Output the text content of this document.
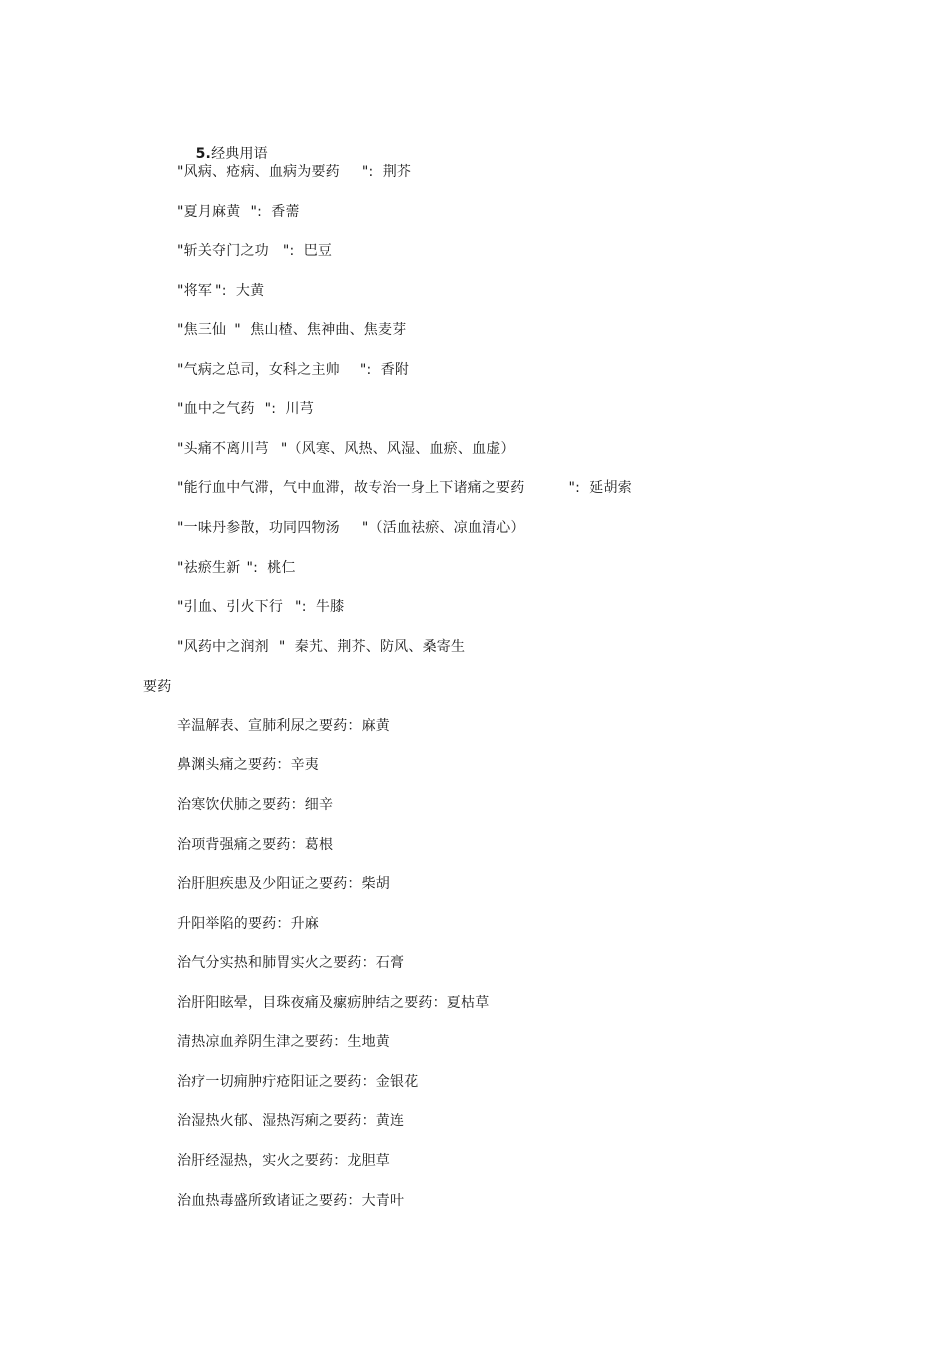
5.经典用语

"风病、疮病、血病为要药 ":  荆芥
"夏月麻黄 ":  香薷
"斩关夺门之功 ":  巴豆
"将军 ":  大黄
"焦三仙 "  焦山楂、焦神曲、焦麦芽
"气病之总司，女科之主帅 ":  香附
"血中之气药 ":  川芎
"头痛不离川芎 "（风寒、风热、风湿、血瘀、血虚）
"能行血中气滞，气中血滞，故专治一身上下诸痛之要药	":  延胡索
"一味丹参散，功同四物汤 "（活血祛瘀、凉血清心）
"祛瘀生新 ":  桃仁
"引血、引火下行 ":  牛膝
"风药中之润剂 "  秦艽、荆芥、防风、桑寄生
要药
辛温解表、宣肺利尿之要药：麻黄
鼻渊头痛之要药：辛夷
治寒饮伏肺之要药：细辛
治项背强痛之要药：葛根
治肝胆疾患及少阳证之要药：柴胡
升阳举陷的要药：升麻
治气分实热和肺胃实火之要药：石膏
治肝阳眩晕，目珠夜痛及瘰疬肿结之要药：夏枯草
清热凉血养阴生津之要药：生地黄
治疗一切痈肿疔疮阳证之要药：金银花
治湿热火郁、湿热泻痢之要药：黄连
治肝经湿热，实火之要药：龙胆草
治血热毒盛所致诸证之要药：大青叶
